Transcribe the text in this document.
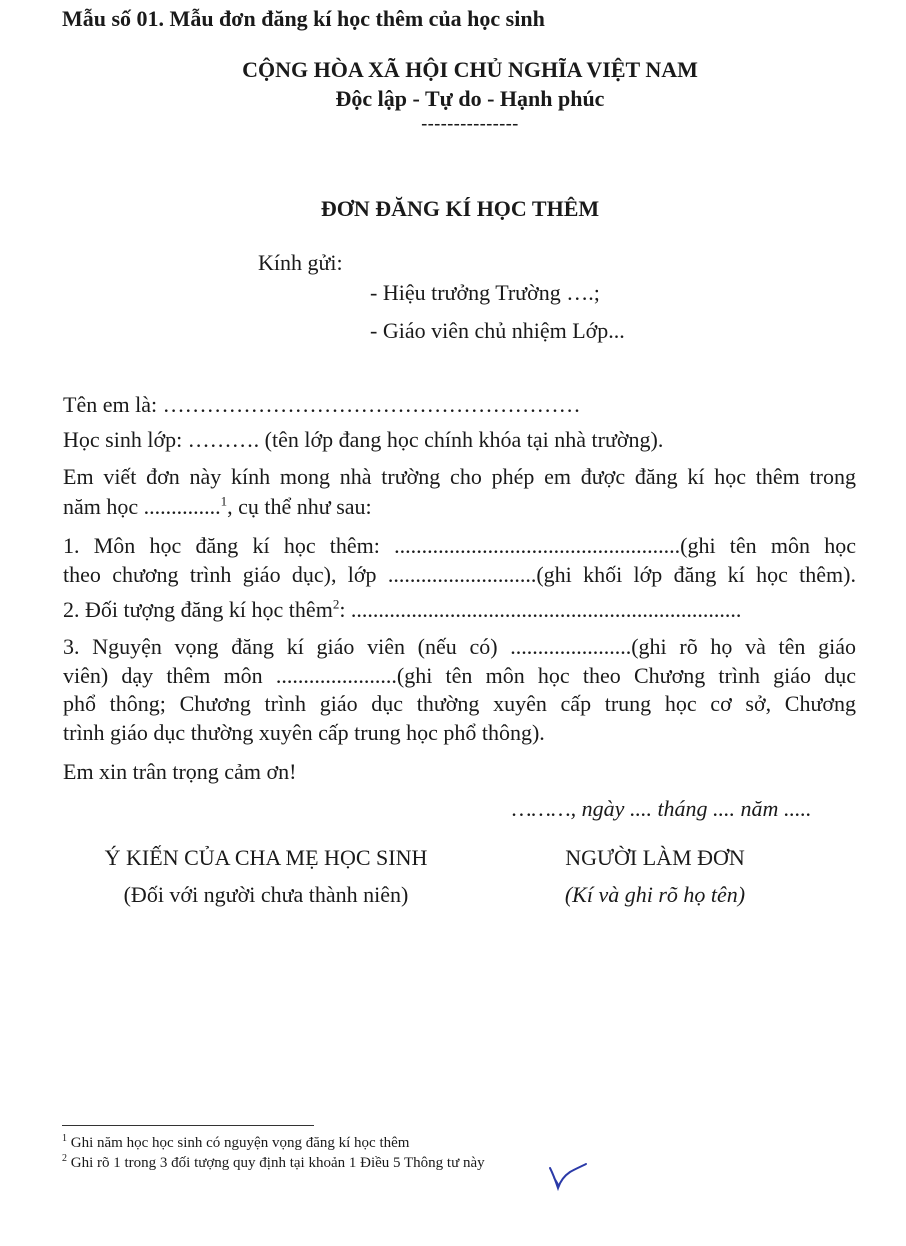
Mẫu số 01. Mẫu đơn đăng kí học thêm của học sinh
CỘNG HÒA XÃ HỘI CHỦ NGHĨA VIỆT NAM
Độc lập - Tự do - Hạnh phúc
---------------
ĐƠN ĐĂNG KÍ HỌC THÊM
Kính gửi:
- Hiệu trưởng Trường ….;
- Giáo viên chủ nhiệm Lớp...
Tên em là: …………………………………………………
Học sinh lớp: ………. (tên lớp đang học chính khóa tại nhà trường).
Em viết đơn này kính mong nhà trường cho phép em được đăng kí học thêm trong
năm học ..............$^1$, cụ thể như sau:
1. Môn học đăng kí học thêm: ....................................................(ghi tên môn học
theo chương trình giáo dục), lớp ...........................(ghi khối lớp đăng kí học thêm).
2. Đối tượng đăng kí học thêm$^2$: .......................................................................
3. Nguyện vọng đăng kí giáo viên (nếu có) ......................(ghi rõ họ và tên giáo
viên) dạy thêm môn ......................(ghi tên môn học theo Chương trình giáo dục
phổ thông; Chương trình giáo dục thường xuyên cấp trung học cơ sở, Chương
trình giáo dục thường xuyên cấp trung học phổ thông).
Em xin trân trọng cảm ơn!
………, ngày .... tháng .... năm .....
Ý KIẾN CỦA CHA MẸ HỌC SINH
(Đối với người chưa thành niên)
NGƯỜI LÀM ĐƠN
(Kí và ghi rõ họ tên)
$^1$ Ghi năm học học sinh có nguyện vọng đăng kí học thêm
$^2$ Ghi rõ 1 trong 3 đối tượng quy định tại khoản 1 Điều 5 Thông tư này
